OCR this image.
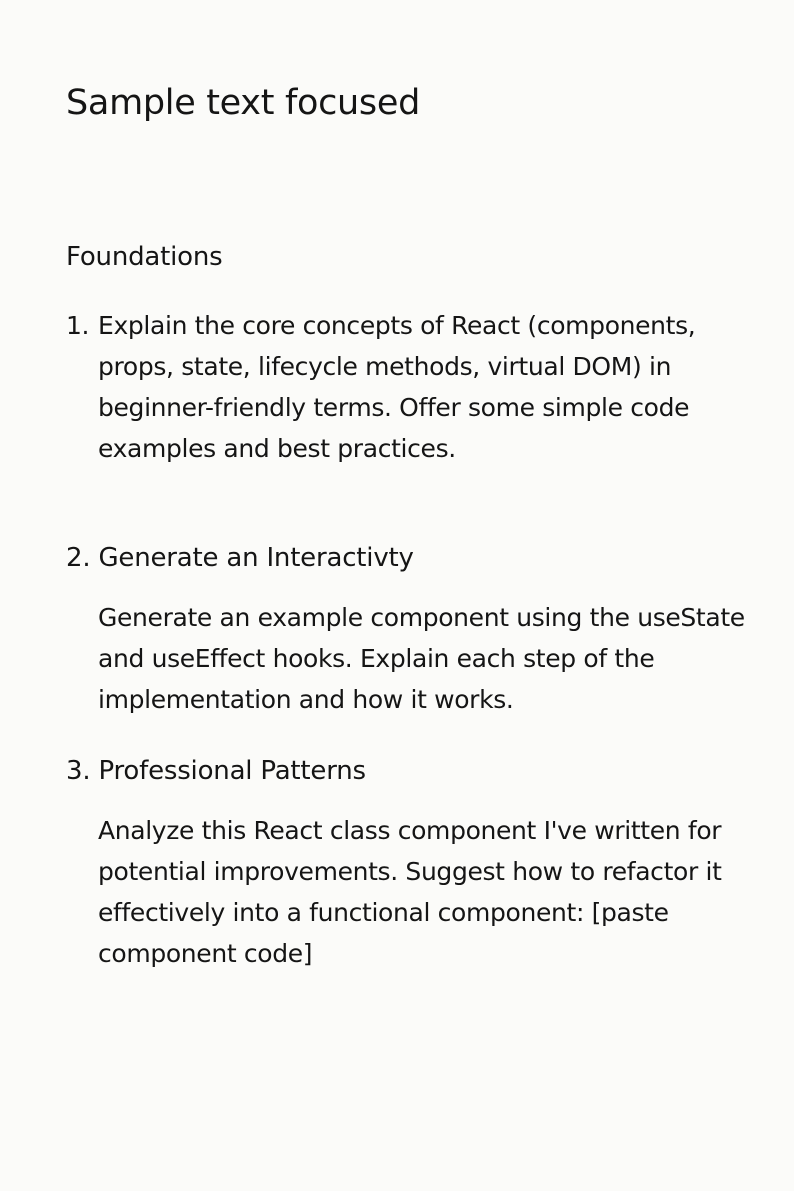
Sample text focused
Foundations
1. Explain the core concepts of React (components, props, state, lifecycle methods, virtual DOM) in beginner-friendly terms. Offer some simple code examples and best practices.
2. Generate an Interactivty

Generate an example component using the useState and useEffect hooks. Explain each step of the implementation and how it works.

3. Professional Patterns

Analyze this React class component I've written for potential improvements. Suggest how to refactor it effectively into a functional component: [paste component code]
